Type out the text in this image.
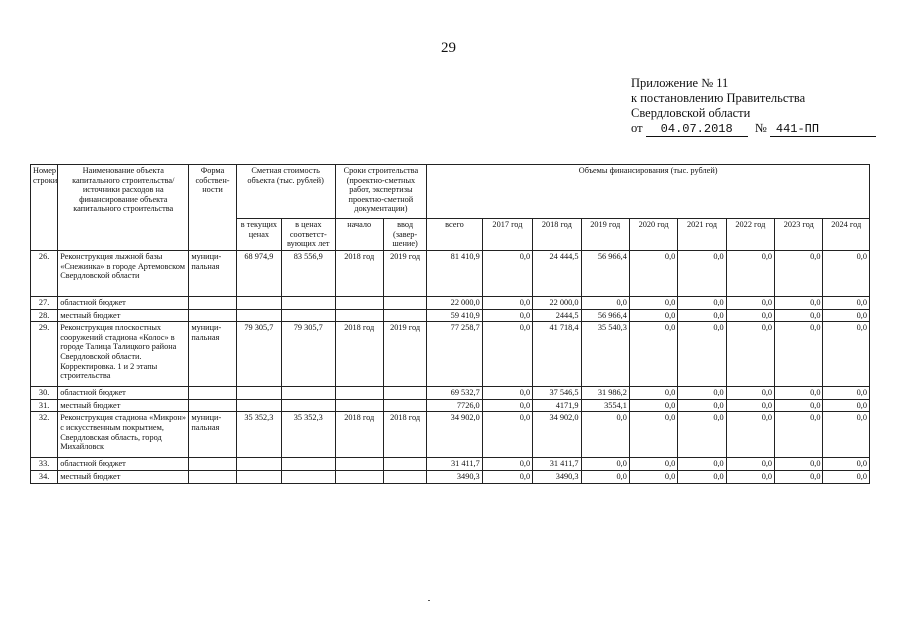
29
Приложение № 11
к постановлению Правительства
Свердловской области
от 04.07.2018 № 441-ПП
Номер строки	Наименование объекта капитального строительства/ источники расходов на финансирование объекта капитального строительства	Форма собствен-ности	Сметная стоимость объекта (тыс. рублей)		Сроки строительства (проектно-сметных работ, экспертизы проектно-сметной документации)		Объемы финансирования (тыс. рублей)								
			в текущих ценах	в ценах соответст-вующих лет	начало	ввод (завер-шение)	всего	2017 год	2018 год	2019 год	2020 год	2021 год	2022 год	2023 год	2024 год
26.	Реконструкция лыжной базы «Снежинка» в городе Артемовском Свердловской области	муници-пальная	68 974,9	83 556,9	2018 год	2019 год	81 410,9	0,0	24 444,5	56 966,4	0,0	0,0	0,0	0,0	0,0
27.	областной бюджет						22 000,0	0,0	22 000,0	0,0	0,0	0,0	0,0	0,0	0,0
28.	местный бюджет						59 410,9	0,0	2444,5	56 966,4	0,0	0,0	0,0	0,0	0,0
29.	Реконструкция плоскостных сооружений стадиона «Колос» в городе Талица Талицкого района Свердловской области. Корректировка. 1 и 2 этапы строительства	муници-пальная	79 305,7	79 305,7	2018 год	2019 год	77 258,7	0,0	41 718,4	35 540,3	0,0	0,0	0,0	0,0	0,0
30.	областной бюджет						69 532,7	0,0	37 546,5	31 986,2	0,0	0,0	0,0	0,0	0,0
31.	местный бюджет						7726,0	0,0	4171,9	3554,1	0,0	0,0	0,0	0,0	0,0
32.	Реконструкция стадиона «Микрон» с искусственным покрытием, Свердловская область, город Михайловск	муници-пальная	35 352,3	35 352,3	2018 год	2018 год	34 902,0	0,0	34 902,0	0,0	0,0	0,0	0,0	0,0	0,0
33.	областной бюджет						31 411,7	0,0	31 411,7	0,0	0,0	0,0	0,0	0,0	0,0
34.	местный бюджет						3490,3	0,0	3490,3	0,0	0,0	0,0	0,0	0,0	0,0
